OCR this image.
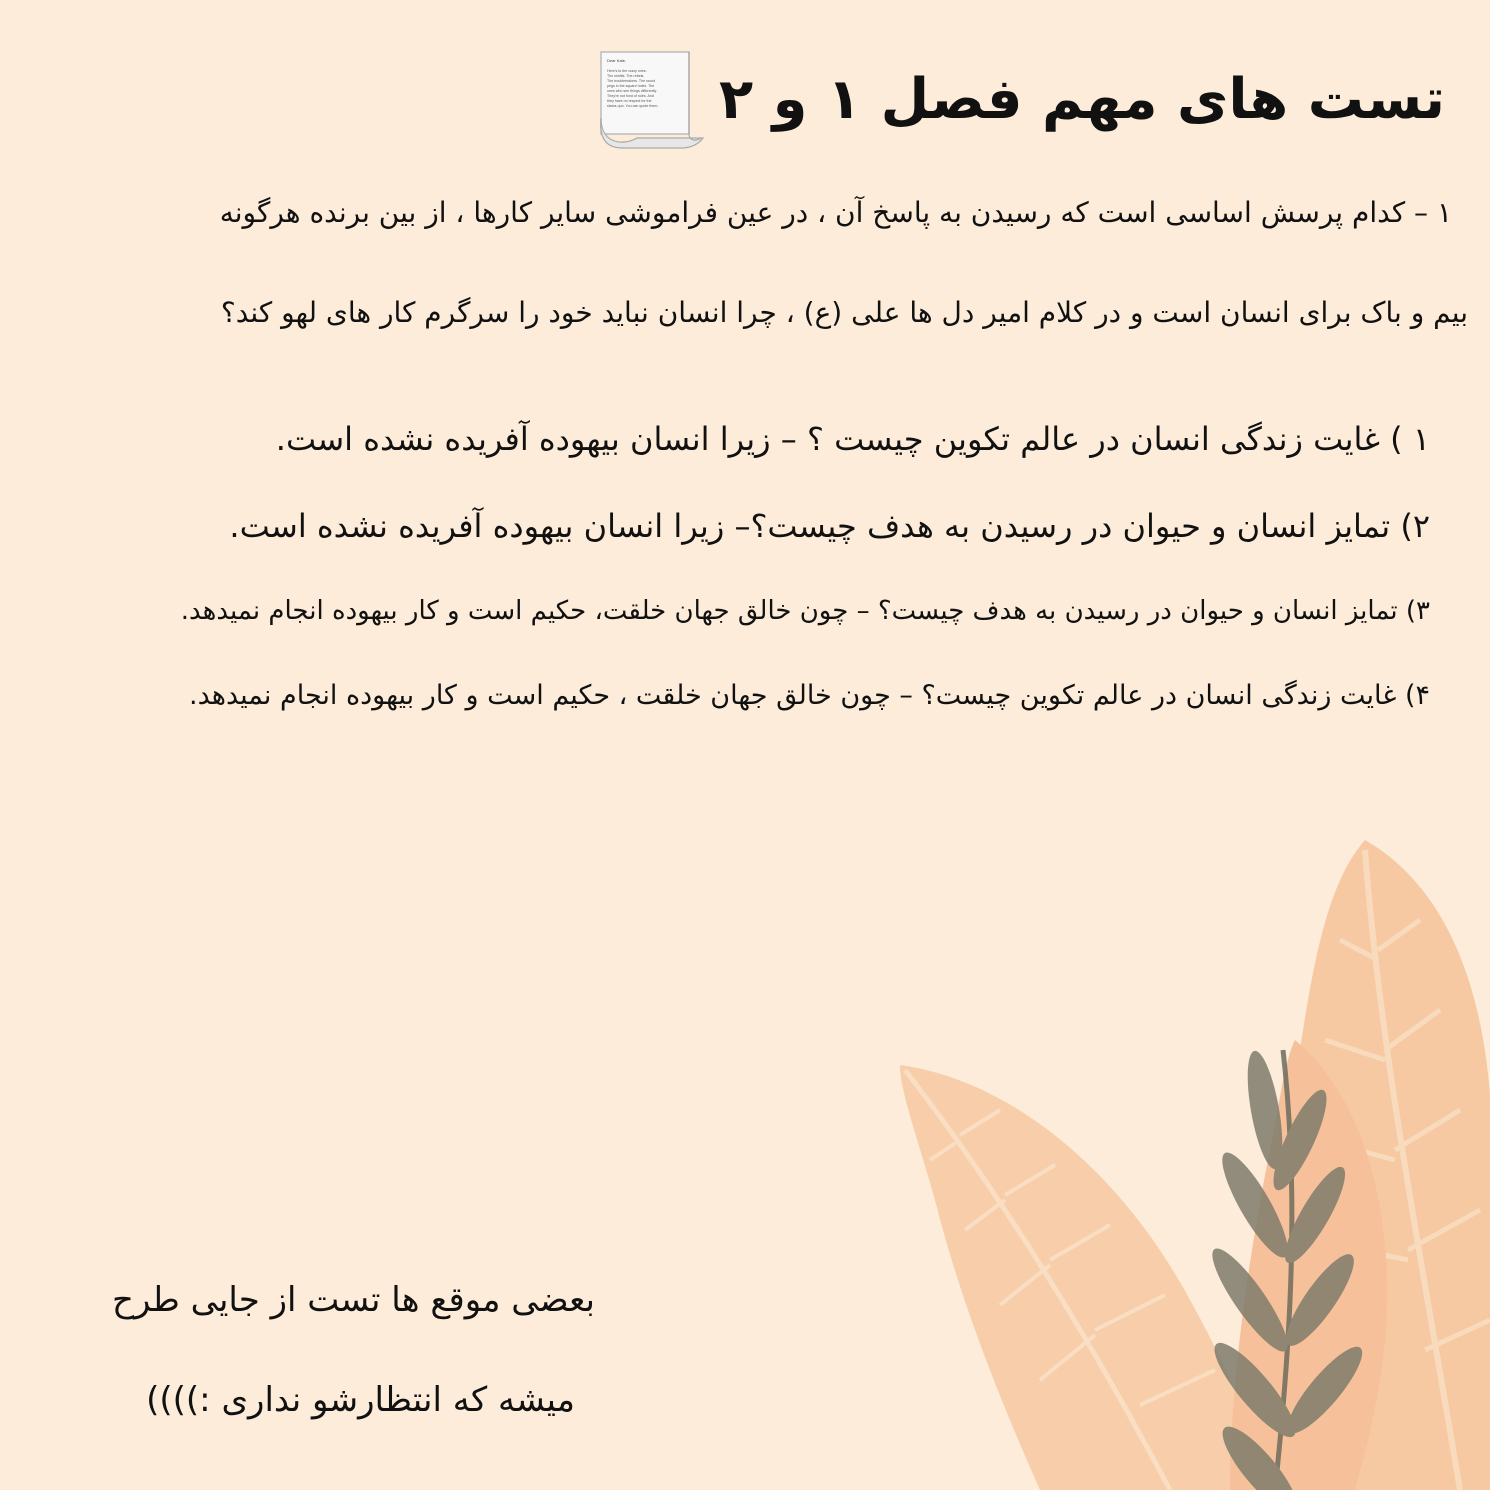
تست های مهم فصل ۱ و ۲
Dear Kate,
Here's to the crazy ones.
The misfits. The rebels.
The troublemakers. The round
pegs in the square holes. The
ones who see things differently.
They're not fond of rules. And
they have no respect for the
status quo. You can quote them,
۱ – کدام پرسش اساسی است که رسیدن به پاسخ آن ، در عین فراموشی سایر کارها ، از بین برنده هرگونه
بیم و باک برای انسان است و در کلام امیر دل ها علی (ع) ، چرا انسان نباید خود را سرگرم کار های لهو کند؟
۱ ) غایت زندگی انسان در عالم تکوین چیست ؟ – زیرا انسان بیهوده آفریده نشده است.
۲) تمایز انسان و حیوان در رسیدن به هدف چیست؟– زیرا انسان بیهوده آفریده نشده است.
۳) تمایز انسان و حیوان در رسیدن به هدف چیست؟ – چون خالق جهان خلقت، حکیم است و کار بیهوده انجام نمیدهد.
۴) غایت زندگی انسان در عالم تکوین چیست؟ – چون خالق جهان خلقت ، حکیم است و کار بیهوده انجام نمیدهد.
بعضی موقع ها تست از جایی طرح
میشه که انتظارشو نداری :))))
